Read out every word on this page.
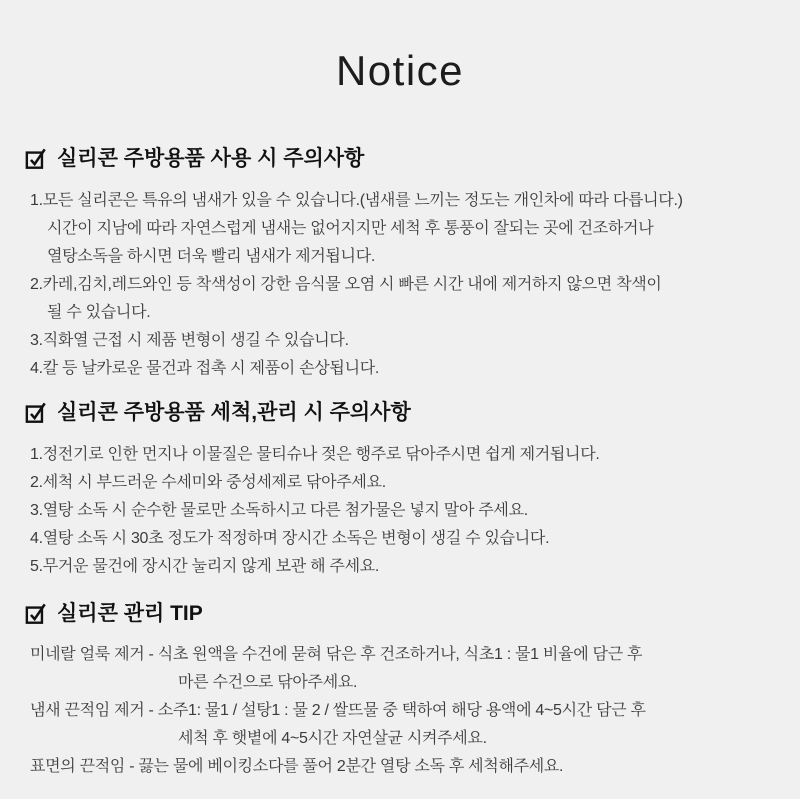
Notice
실리콘 주방용품 사용 시 주의사항
1.모든 실리콘은 특유의 냄새가 있을 수 있습니다.(냄새를 느끼는 정도는 개인차에 따라 다릅니다.)
시간이 지남에 따라 자연스럽게 냄새는 없어지지만 세척 후 통풍이 잘되는 곳에 건조하거나
열탕소독을 하시면 더욱 빨리 냄새가 제거됩니다.
2.카레,김치,레드와인 등 착색성이 강한 음식물 오염 시 빠른 시간 내에 제거하지 않으면 착색이
될 수 있습니다.
3.직화열 근접 시 제품 변형이 생길 수 있습니다.
4.칼 등 날카로운 물건과 접촉 시 제품이 손상됩니다.
실리콘 주방용품 세척,관리 시 주의사항
1.정전기로 인한 먼지나 이물질은 물티슈나 젖은 행주로 닦아주시면 쉽게 제거됩니다.
2.세척 시 부드러운 수세미와 중성세제로 닦아주세요.
3.열탕 소독 시 순수한 물로만 소독하시고 다른 첨가물은 넣지 말아 주세요.
4.열탕 소독 시 30초 정도가 적정하며 장시간 소독은 변형이 생길 수 있습니다.
5.무거운 물건에 장시간 눌리지 않게 보관 해 주세요.
실리콘 관리 TIP
미네랄 얼룩 제거 - 식초 원액을 수건에 묻혀 닦은 후 건조하거나, 식초1 : 물1 비율에 담근 후
마른 수건으로 닦아주세요.
냄새 끈적임 제거 - 소주1: 물1 / 설탕1 : 물 2 / 쌀뜨물 중 택하여 해당 용액에 4~5시간 담근 후
세척 후 햇볕에 4~5시간 자연살균 시켜주세요.
표면의 끈적임 - 끓는 물에 베이킹소다를 풀어 2분간 열탕 소독 후 세척해주세요.
